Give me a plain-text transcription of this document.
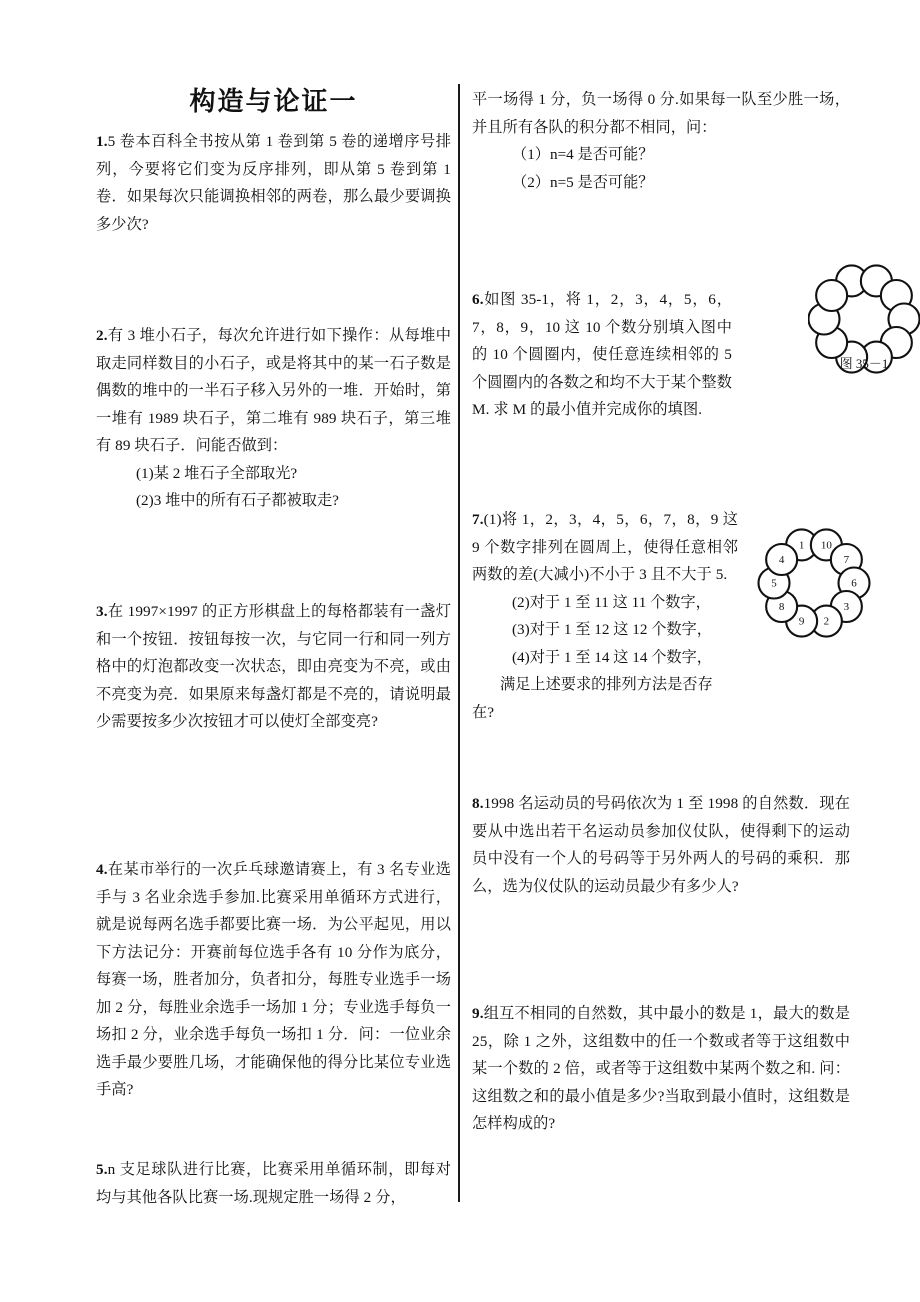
构造与论证一

1.5 卷本百科全书按从第 1 卷到第 5 卷的递增序号排列，今要将它们变为反序排列，即从第 5 卷到第 1 卷．如果每次只能调换相邻的两卷，那么最少要调换多少次?

2.有 3 堆小石子，每次允许进行如下操作：从每堆中取走同样数目的小石子，或是将其中的某一石子数是偶数的堆中的一半石子移入另外的一堆．开始时，第一堆有 1989 块石子，第二堆有 989 块石子，第三堆有 89 块石子．问能否做到：

(1)某 2 堆石子全部取光?

(2)3 堆中的所有石子都被取走?

3.在 1997×1997 的正方形棋盘上的每格都装有一盏灯和一个按钮．按钮每按一次，与它同一行和同一列方格中的灯泡都改变一次状态，即由亮变为不亮，或由不亮变为亮．如果原来每盏灯都是不亮的，请说明最少需要按多少次按钮才可以使灯全部变亮?

4.在某市举行的一次乒乓球邀请赛上，有 3 名专业选手与 3 名业余选手参加.比赛采用单循环方式进行，就是说每两名选手都要比赛一场．为公平起见，用以下方法记分：开赛前每位选手各有 10 分作为底分，每赛一场，胜者加分，负者扣分，每胜专业选手一场加 2 分，每胜业余选手一场加 1 分；专业选手每负一场扣 2 分，业余选手每负一场扣 1 分．问：一位业余选手最少要胜几场，才能确保他的得分比某位专业选手高?

5.n 支足球队进行比赛，比赛采用单循环制，即每对均与其他各队比赛一场.现规定胜一场得 2 分，

平一场得 1 分，负一场得 0 分.如果每一队至少胜一场，并且所有各队的积分都不相同，问：

（1）n=4 是否可能？

（2）n=5 是否可能？

6.如图 35-1，将 1，2，3，4，5，6，7，8，9，10 这 10 个数分别填入图中的 10 个圆圈内，使任意连续相邻的 5 个圆圈内的各数之和均不大于某个整数 M. 求 M 的最小值并完成你的填图.

7.(1)将 1，2，3，4，5，6，7，8，9 这 9 个数字排列在圆周上，使得任意相邻两数的差(大减小)不小于 3 且不大于 5.

(2)对于 1 至 11 这 11 个数字，

(3)对于 1 至 12 这 12 个数字，

(4)对于 1 至 14 这 14 个数字，

满足上述要求的排列方法是否存

在?

8.1998 名运动员的号码依次为 1 至 1998 的自然数．现在要从中选出若干名运动员参加仪仗队，使得剩下的运动员中没有一个人的号码等于另外两人的号码的乘积．那么，选为仪仗队的运动员最少有多少人?

9.组互不相同的自然数，其中最小的数是 1，最大的数是 25，除 1 之外，这组数中的任一个数或者等于这组数中某一个数的 2 倍，或者等于这组数中某两个数之和. 问：这组数之和的最小值是多少?当取到最小值时，这组数是怎样构成的?

图 35－1
1 10
7
6
3
2
9
8
5
4
